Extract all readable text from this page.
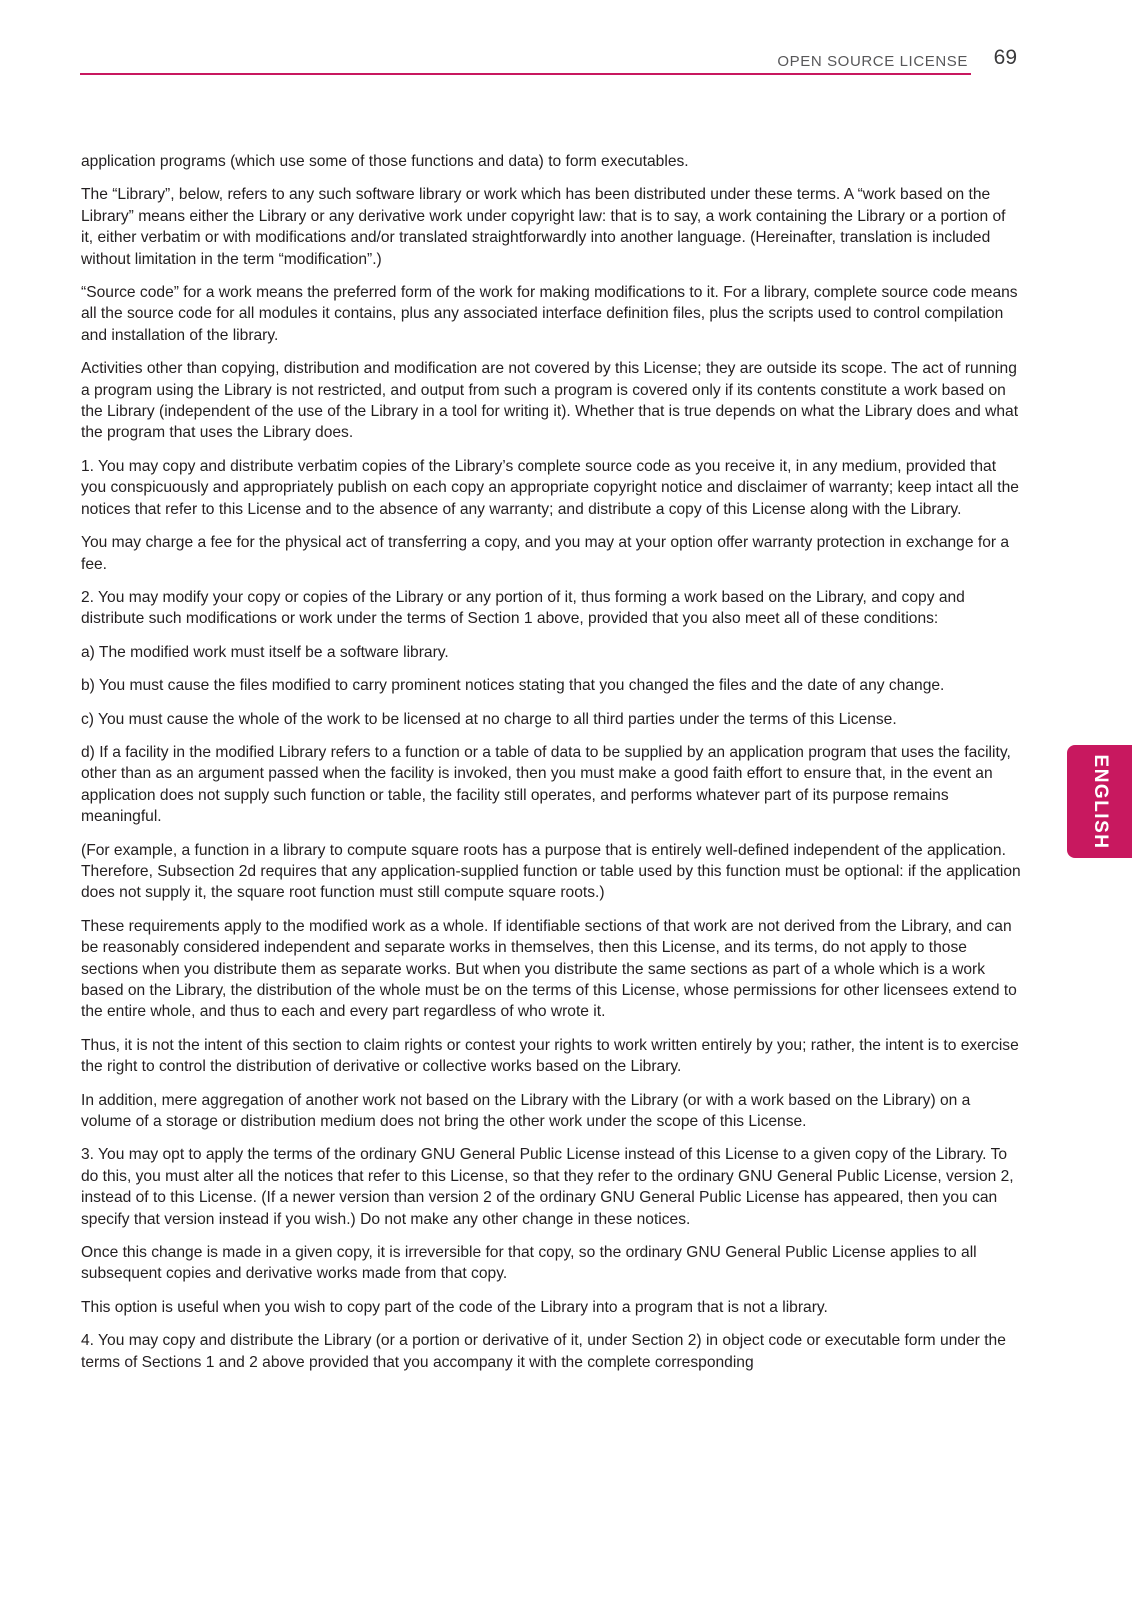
OPEN SOURCE LICENSE 69

application programs (which use some of those functions and data) to form executables.

The “Library”, below, refers to any such software library or work which has been distributed under these terms. A “work based on the Library” means either the Library or any derivative work under copyright law: that is to say, a work containing the Library or a portion of it, either verbatim or with modifications and/or translated straightforwardly into another language. (Hereinafter, translation is included without limitation in the term “modification”.)

“Source code” for a work means the preferred form of the work for making modifications to it. For a library, complete source code means all the source code for all modules it contains, plus any associated interface definition files, plus the scripts used to control compilation and installation of the library.

Activities other than copying, distribution and modification are not covered by this License; they are outside its scope. The act of running a program using the Library is not restricted, and output from such a program is covered only if its contents constitute a work based on the Library (independent of the use of the Library in a tool for writing it). Whether that is true depends on what the Library does and what the program that uses the Library does.

1. You may copy and distribute verbatim copies of the Library’s complete source code as you receive it, in any medium, provided that you conspicuously and appropriately publish on each copy an appropriate copyright notice and disclaimer of warranty; keep intact all the notices that refer to this License and to the absence of any warranty; and distribute a copy of this License along with the Library.

You may charge a fee for the physical act of transferring a copy, and you may at your option offer warranty protection in exchange for a fee.

2. You may modify your copy or copies of the Library or any portion of it, thus forming a work based on the Library, and copy and distribute such modifications or work under the terms of Section 1 above, provided that you also meet all of these conditions:

a) The modified work must itself be a software library.

b) You must cause the files modified to carry prominent notices stating that you changed the files and the date of any change.

c) You must cause the whole of the work to be licensed at no charge to all third parties under the terms of this License.

d) If a facility in the modified Library refers to a function or a table of data to be supplied by an application program that uses the facility, other than as an argument passed when the facility is invoked, then you must make a good faith effort to ensure that, in the event an application does not supply such function or table, the facility still operates, and performs whatever part of its purpose remains meaningful.

(For example, a function in a library to compute square roots has a purpose that is entirely well-defined independent of the application. Therefore, Subsection 2d requires that any application-supplied function or table used by this function must be optional: if the application does not supply it, the square root function must still compute square roots.)

These requirements apply to the modified work as a whole. If identifiable sections of that work are not derived from the Library, and can be reasonably considered independent and separate works in themselves, then this License, and its terms, do not apply to those sections when you distribute them as separate works. But when you distribute the same sections as part of a whole which is a work based on the Library, the distribution of the whole must be on the terms of this License, whose permissions for other licensees extend to the entire whole, and thus to each and every part regardless of who wrote it.

Thus, it is not the intent of this section to claim rights or contest your rights to work written entirely by you; rather, the intent is to exercise the right to control the distribution of derivative or collective works based on the Library.

In addition, mere aggregation of another work not based on the Library with the Library (or with a work based on the Library) on a volume of a storage or distribution medium does not bring the other work under the scope of this License.

3. You may opt to apply the terms of the ordinary GNU General Public License instead of this License to a given copy of the Library. To do this, you must alter all the notices that refer to this License, so that they refer to the ordinary GNU General Public License, version 2, instead of to this License. (If a newer version than version 2 of the ordinary GNU General Public License has appeared, then you can specify that version instead if you wish.) Do not make any other change in these notices.

Once this change is made in a given copy, it is irreversible for that copy, so the ordinary GNU General Public License applies to all subsequent copies and derivative works made from that copy.

This option is useful when you wish to copy part of the code of the Library into a program that is not a library.

4. You may copy and distribute the Library (or a portion or derivative of it, under Section 2) in object code or executable form under the terms of Sections 1 and 2 above provided that you accompany it with the complete corresponding

ENGLISH
